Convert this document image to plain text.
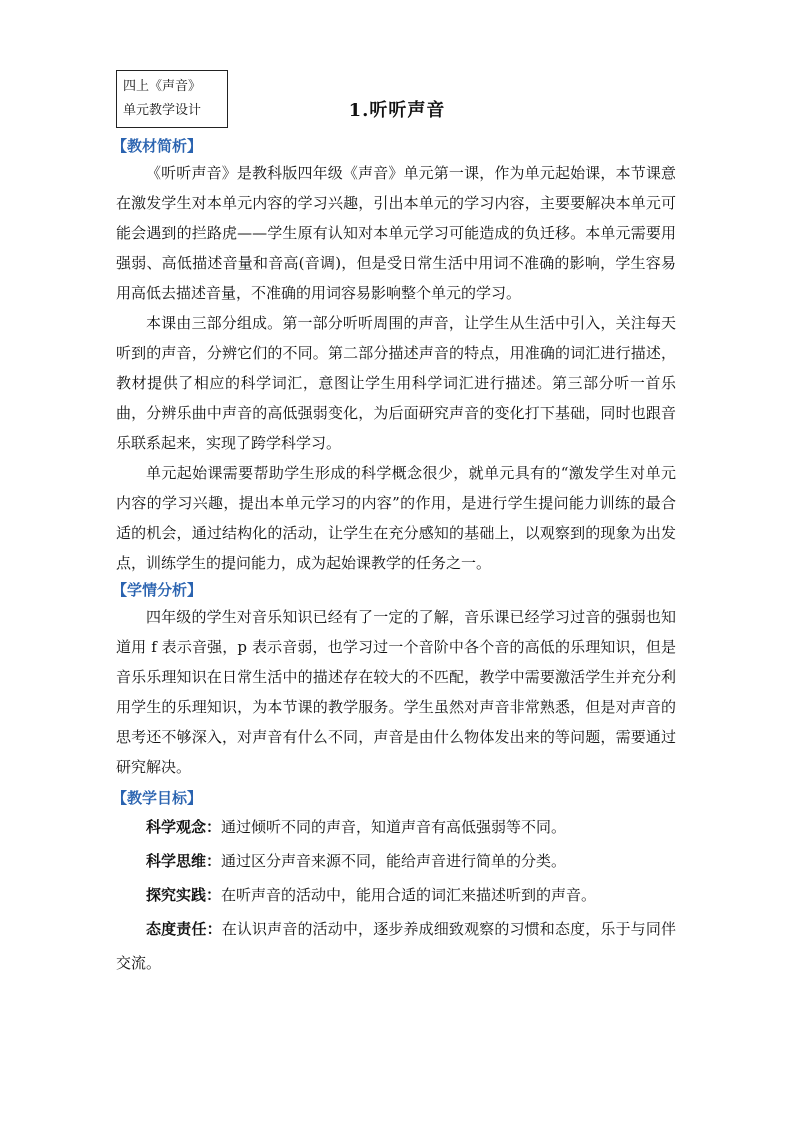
四上《声音》
单元教学设计	1.听听声音
【教材简析】

《听听声音》是教科版四年级《声音》单元第一课，作为单元起始课，本节课意在激发学生对本单元内容的学习兴趣，引出本单元的学习内容，主要要解决本单元可能会遇到的拦路虎——学生原有认知对本单元学习可能造成的负迁移。本单元需要用强弱、高低描述音量和音高(音调)，但是受日常生活中用词不准确的影响，学生容易用高低去描述音量，不准确的用词容易影响整个单元的学习。

本课由三部分组成。第一部分听听周围的声音，让学生从生活中引入，关注每天听到的声音，分辨它们的不同。第二部分描述声音的特点，用准确的词汇进行描述，教材提供了相应的科学词汇，意图让学生用科学词汇进行描述。第三部分听一首乐曲，分辨乐曲中声音的高低强弱变化，为后面研究声音的变化打下基础，同时也跟音乐联系起来，实现了跨学科学习。

单元起始课需要帮助学生形成的科学概念很少，就单元具有的“激发学生对单元内容的学习兴趣，提出本单元学习的内容”的作用，是进行学生提问能力训练的最合适的机会，通过结构化的活动，让学生在充分感知的基础上，以观察到的现象为出发点，训练学生的提问能力，成为起始课教学的任务之一。

【学情分析】

四年级的学生对音乐知识已经有了一定的了解，音乐课已经学习过音的强弱也知道用 f 表示音强，p 表示音弱，也学习过一个音阶中各个音的高低的乐理知识，但是音乐乐理知识在日常生活中的描述存在较大的不匹配，教学中需要激活学生并充分利用学生的乐理知识，为本节课的教学服务。学生虽然对声音非常熟悉，但是对声音的思考还不够深入，对声音有什么不同，声音是由什么物体发出来的等问题，需要通过研究解决。

【教学目标】

科学观念：通过倾听不同的声音，知道声音有高低强弱等不同。

科学思维：通过区分声音来源不同，能给声音进行简单的分类。

探究实践：在听声音的活动中，能用合适的词汇来描述听到的声音。

态度责任：在认识声音的活动中，逐步养成细致观察的习惯和态度，乐于与同伴交流。
